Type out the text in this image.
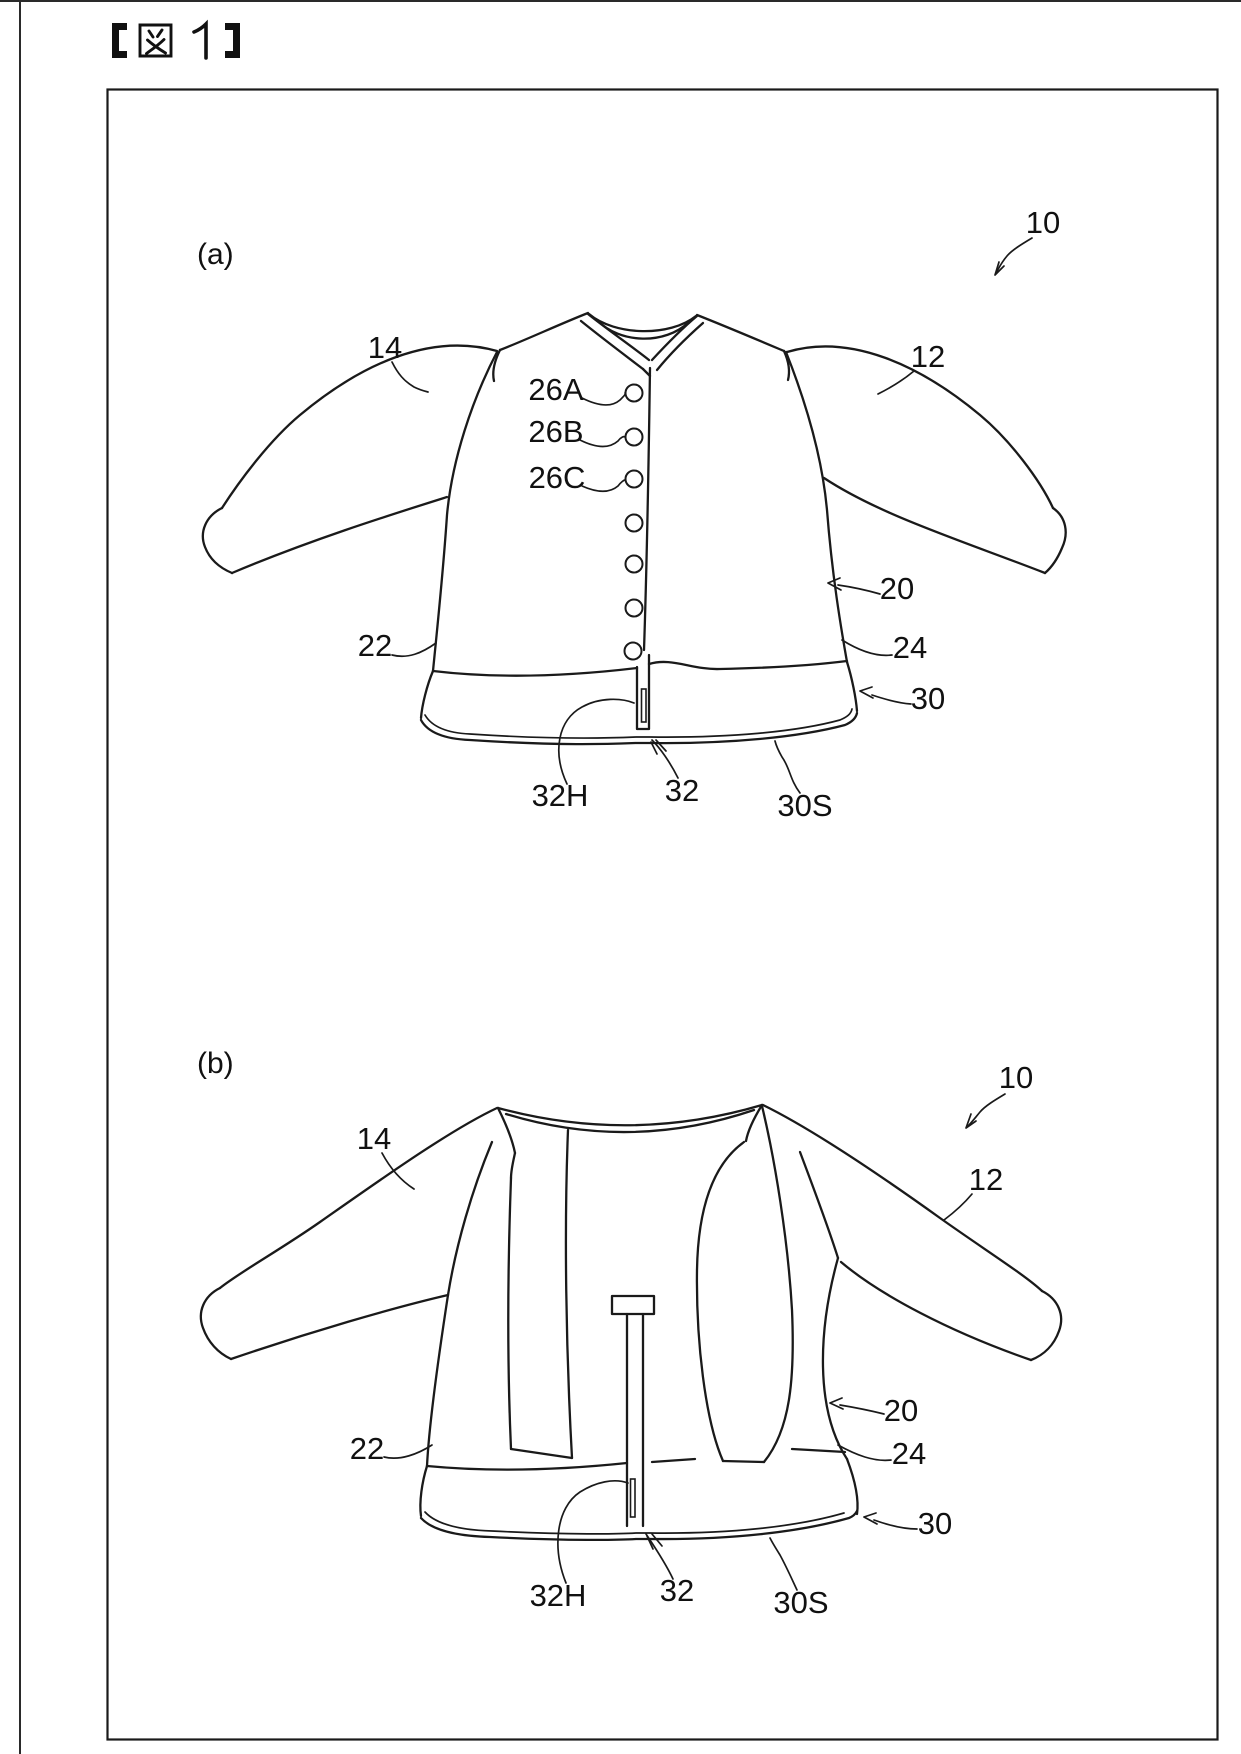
(a)
10
14	12
26A
26B
26C
22
20
24
30
32H 32	30S
(b)	10
14
12
22
20
24
30
32H 32	30S
